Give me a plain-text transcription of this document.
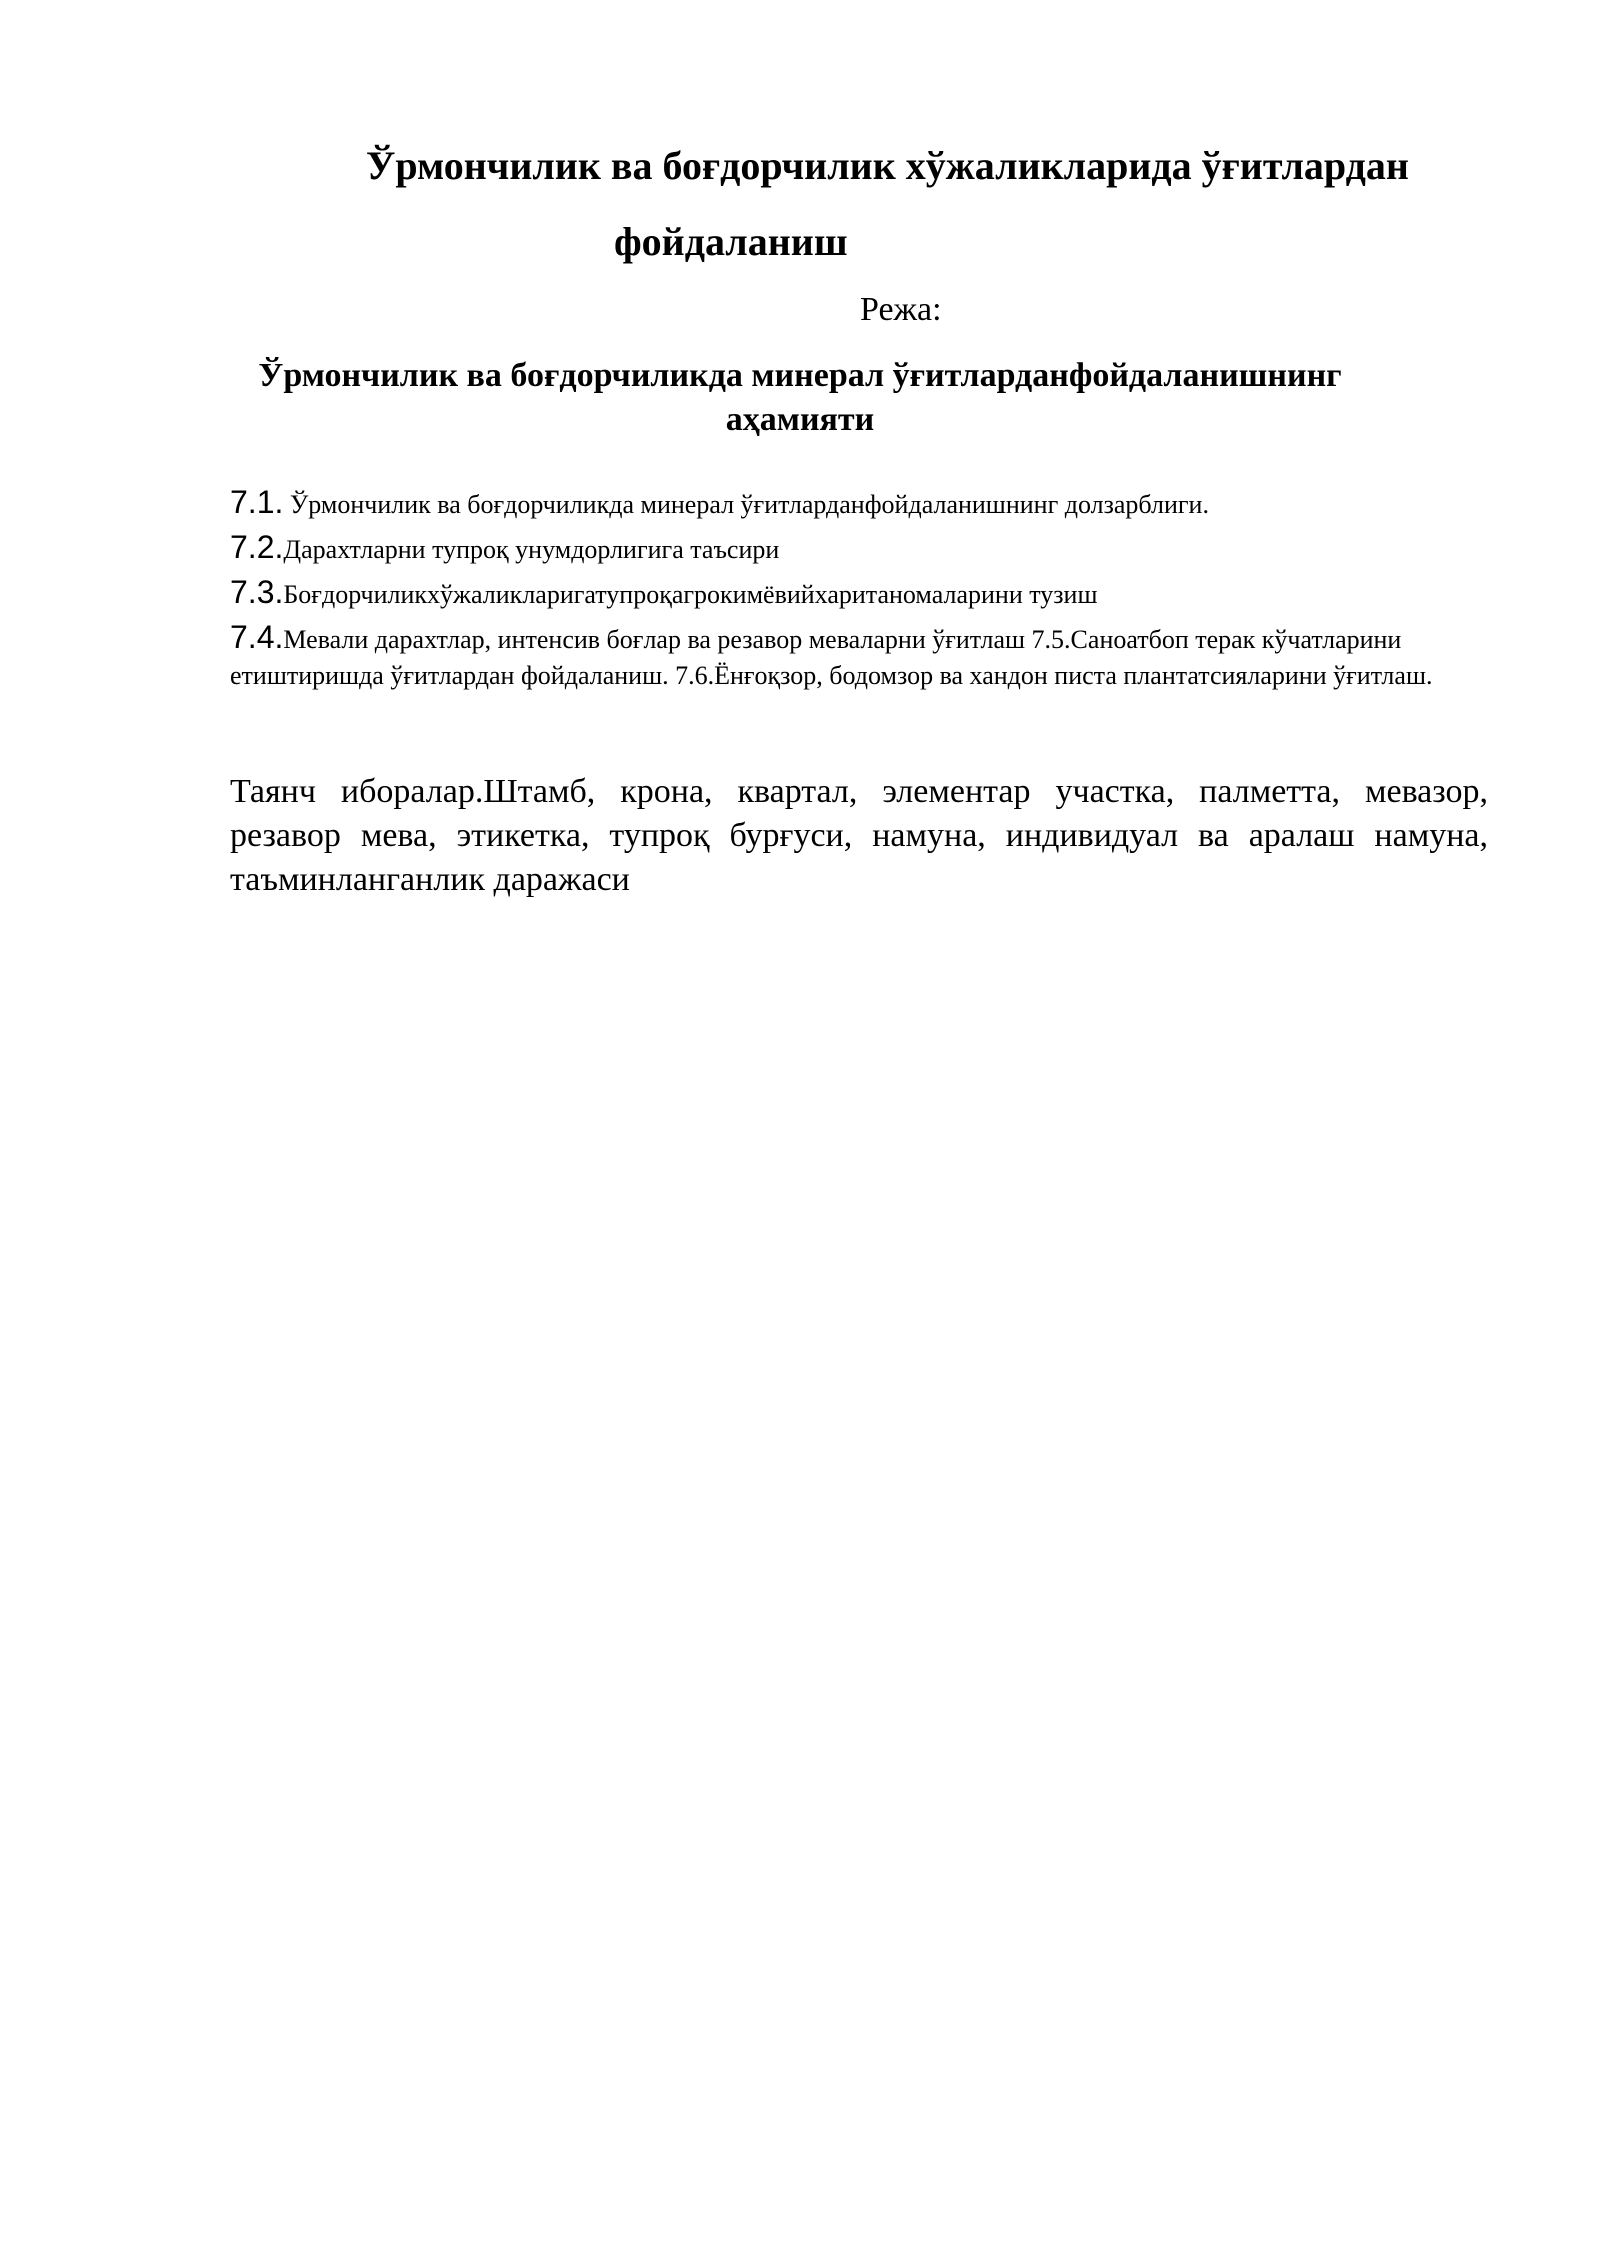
Ўрмончилик ва боғдорчилик хўжаликларида ўғитлардан
фойдаланиш
Режа:
Ўрмончилик ва боғдорчиликда минерал ўғитларданфойдаланишнинг аҳамияти
7.1. Ўрмончилик ва боғдорчиликда минерал ўғитларданфойдаланишнинг долзарблиги.
7.2.Дарахтларни тупроқ унумдорлигига таъсири
7.3.Боғдорчиликхўжаликларигатупроқагрокимёвийхаританомаларини тузиш
7.4.Мевали дарахтлар, интенсив боғлар ва резавор меваларни ўғитлаш 7.5.Саноатбоп терак кўчатларини етиштиришда ўғитлардан фойдаланиш. 7.6.Ёнғоқзор, бодомзор ва хандон писта плантатсияларини ўғитлаш.
Таянч иборалар.Штамб, крона, квартал, элементар участка, палметта, мевазор, резавор мева, этикетка, тупроқ бурғуси, намуна, индивидуал ва аралаш намуна, таъминланганлик даражаси
